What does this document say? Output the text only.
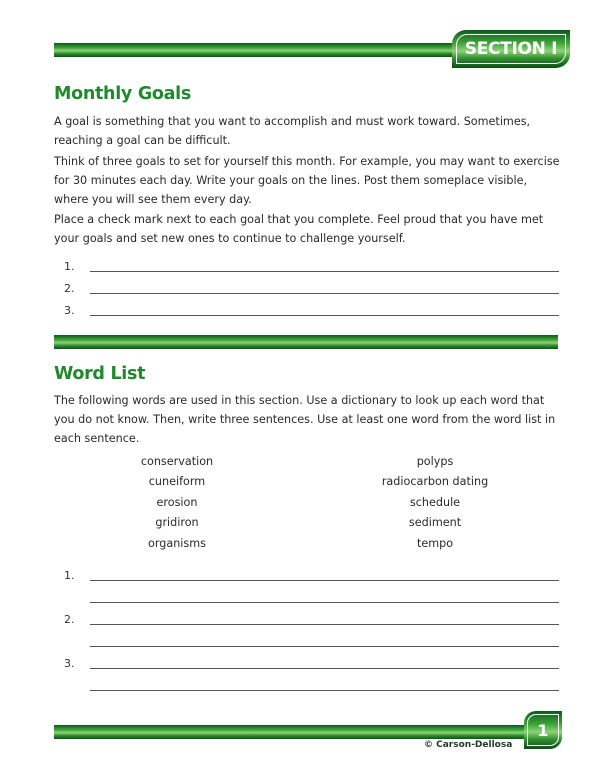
SECTION I
Monthly Goals

A goal is something that you want to accomplish and must work toward. Sometimes, reaching a goal can be difficult.

Think of three goals to set for yourself this month. For example, you may want to exercise for 30 minutes each day. Write your goals on the lines. Post them someplace visible, where you will see them every day.

Place a check mark next to each goal that you complete. Feel proud that you have met your goals and set new ones to continue to challenge yourself.

1.
2.
3.
Word List

The following words are used in this section. Use a dictionary to look up each word that you do not know. Then, write three sentences. Use at least one word from the word list in each sentence.

conservation
cuneiform
erosion
gridiron
organisms
polyps
radiocarbon dating
schedule
sediment
tempo
1.
2.
3.
1
© Carson-Dellosa
